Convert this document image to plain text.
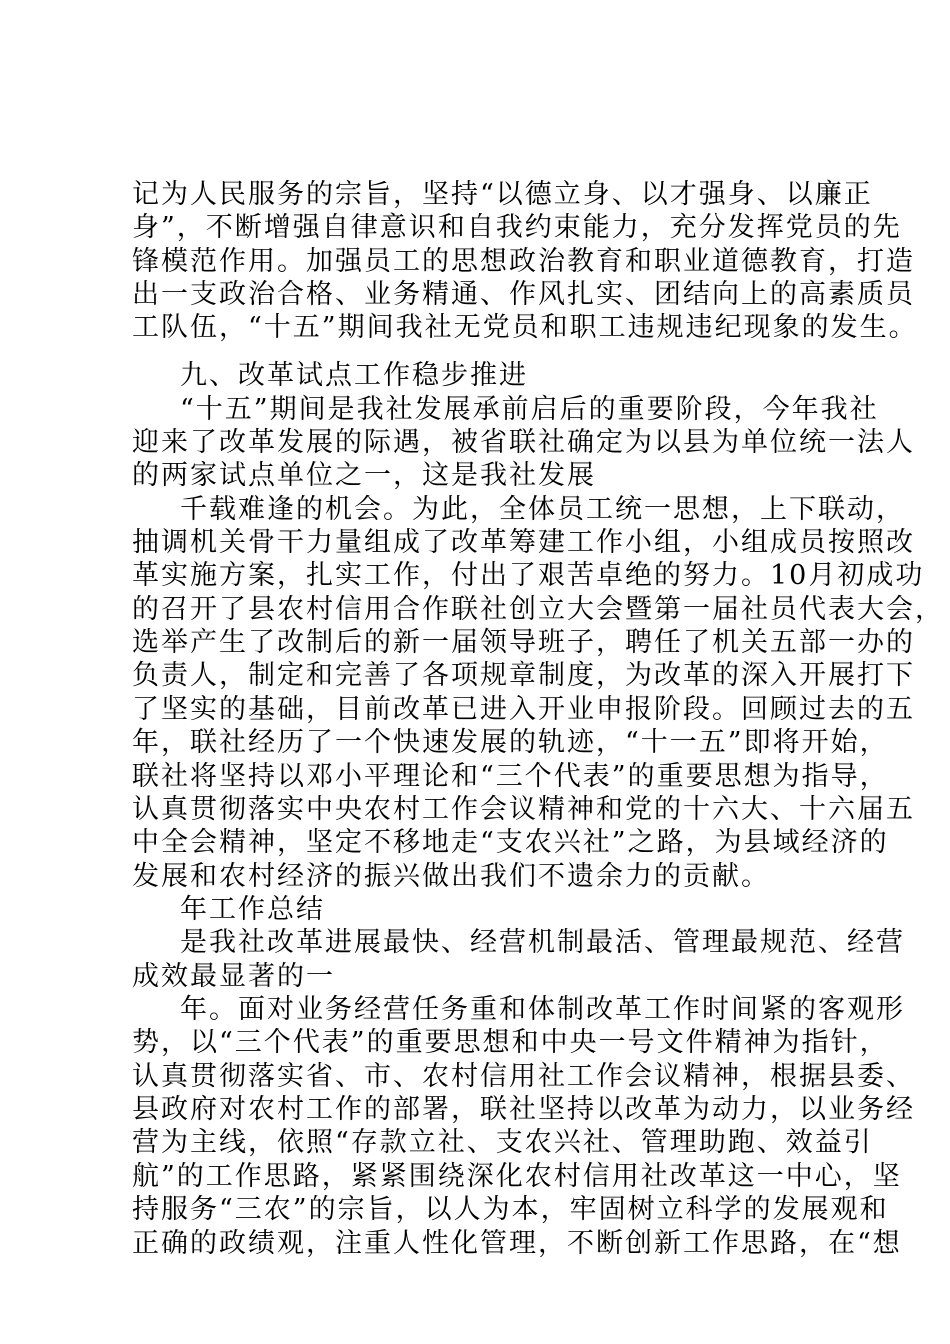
记为人民服务的宗旨，坚持“以德立身、以才强身、以廉正
身”，不断增强自律意识和自我约束能力，充分发挥党员的先
锋模范作用。加强员工的思想政治教育和职业道德教育，打造
出一支政治合格、业务精通、作风扎实、团结向上的高素质员
工队伍，“十五”期间我社无党员和职工违规违纪现象的发生。
九、改革试点工作稳步推进
“十五”期间是我社发展承前启后的重要阶段，今年我社
迎来了改革发展的际遇，被省联社确定为以县为单位统一法人
的两家试点单位之一，这是我社发展
千载难逢的机会。为此，全体员工统一思想，上下联动，
抽调机关骨干力量组成了改革筹建工作小组，小组成员按照改
革实施方案，扎实工作，付出了艰苦卓绝的努力。10月初成功
的召开了县农村信用合作联社创立大会暨第一届社员代表大会，
选举产生了改制后的新一届领导班子，聘任了机关五部一办的
负责人，制定和完善了各项规章制度，为改革的深入开展打下
了坚实的基础，目前改革已进入开业申报阶段。回顾过去的五
年，联社经历了一个快速发展的轨迹，“十一五”即将开始，
联社将坚持以邓小平理论和“三个代表”的重要思想为指导，
认真贯彻落实中央农村工作会议精神和党的十六大、十六届五
中全会精神，坚定不移地走“支农兴社”之路，为县域经济的
发展和农村经济的振兴做出我们不遗余力的贡献。
年工作总结
是我社改革进展最快、经营机制最活、管理最规范、经营
成效最显著的一
年。面对业务经营任务重和体制改革工作时间紧的客观形
势，以“三个代表”的重要思想和中央一号文件精神为指针，
认真贯彻落实省、市、农村信用社工作会议精神，根据县委、
县政府对农村工作的部署，联社坚持以改革为动力，以业务经
营为主线，依照“存款立社、支农兴社、管理助跑、效益引
航”的工作思路，紧紧围绕深化农村信用社改革这一中心，坚
持服务“三农”的宗旨，以人为本，牢固树立科学的发展观和
正确的政绩观，注重人性化管理，不断创新工作思路，在“想
